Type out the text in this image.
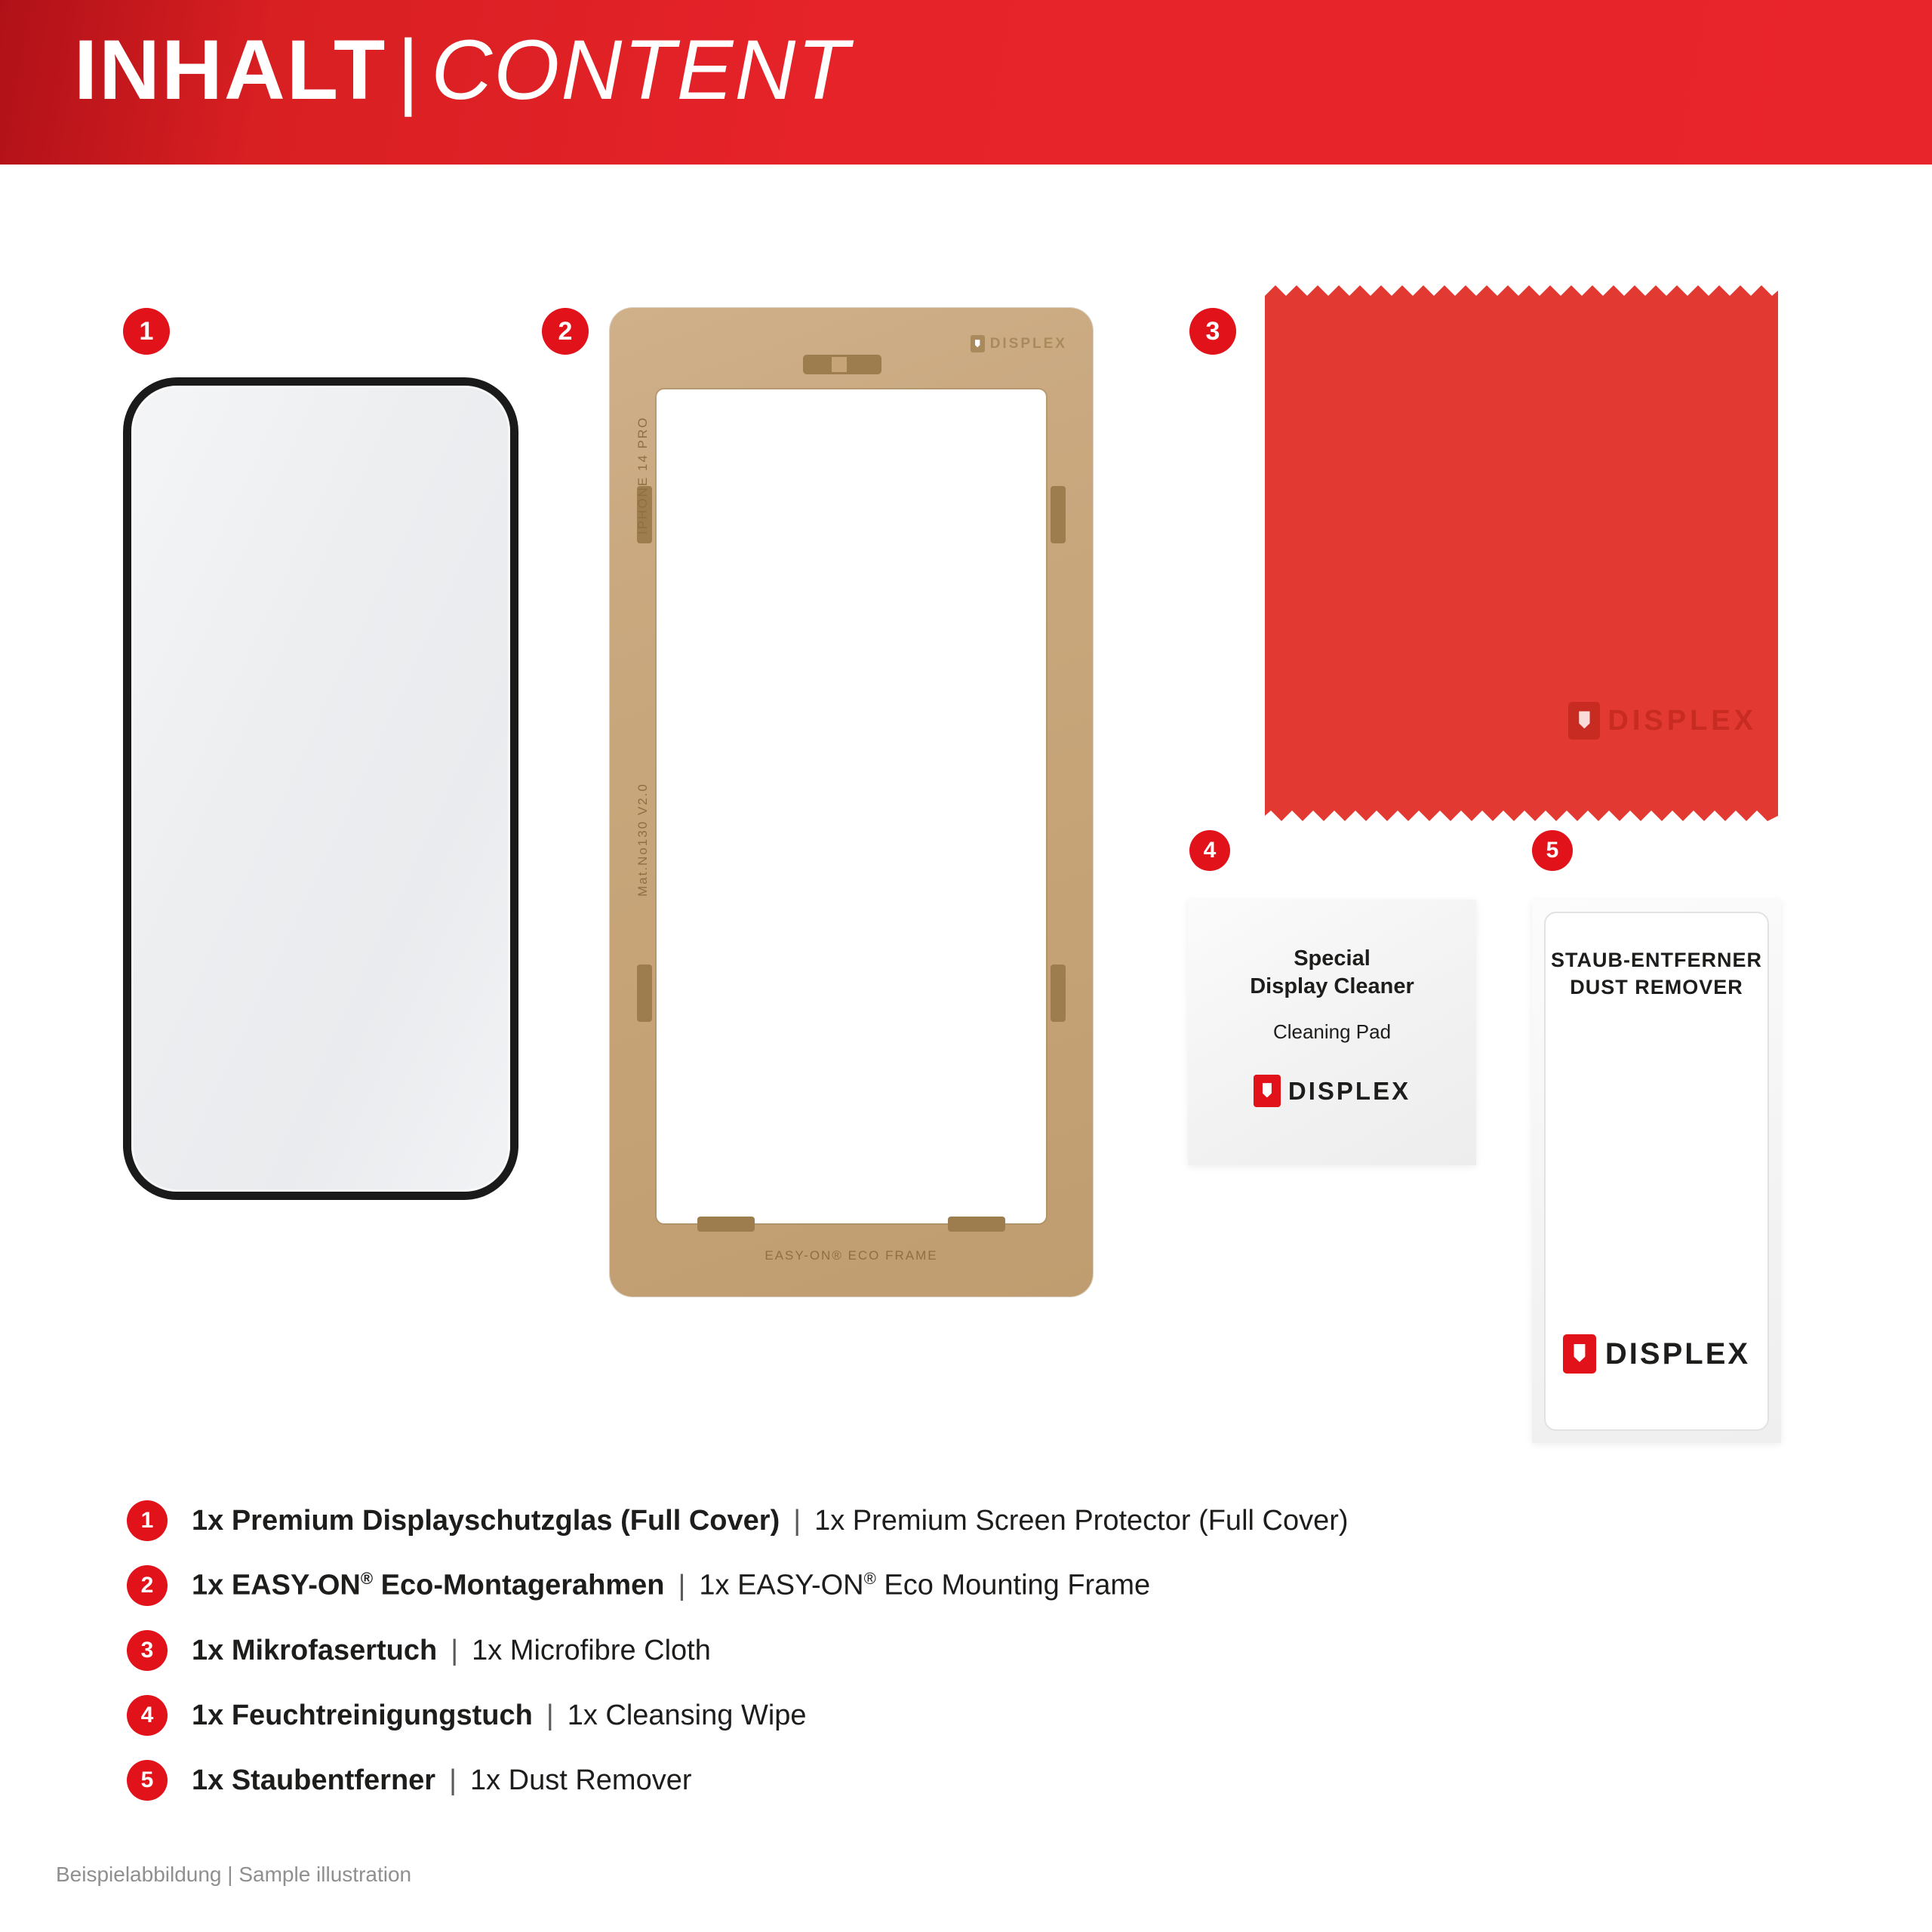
INHALT | CONTENT
1	2
IPHONE 14 PRO
Mat.No130 V2.0
EASY-ON® ECO FRAME
DISPLEX	3
DISPLEX
4
Special
Display Cleaner
Cleaning Pad
DISPLEX
5
STAUB-ENTFERNER
DUST REMOVER
DISPLEX
1	1x Premium Displayschutzglas (Full Cover) | 1x Premium Screen Protector (Full Cover)
2	1x EASY-ON® Eco-Montagerahmen | 1x EASY-ON® Eco Mounting Frame
3	1x Mikrofasertuch | 1x Microfibre Cloth
4	1x Feuchtreinigungstuch | 1x Cleansing Wipe
5	1x Staubentferner | 1x Dust Remover
Beispielabbildung | Sample illustration
